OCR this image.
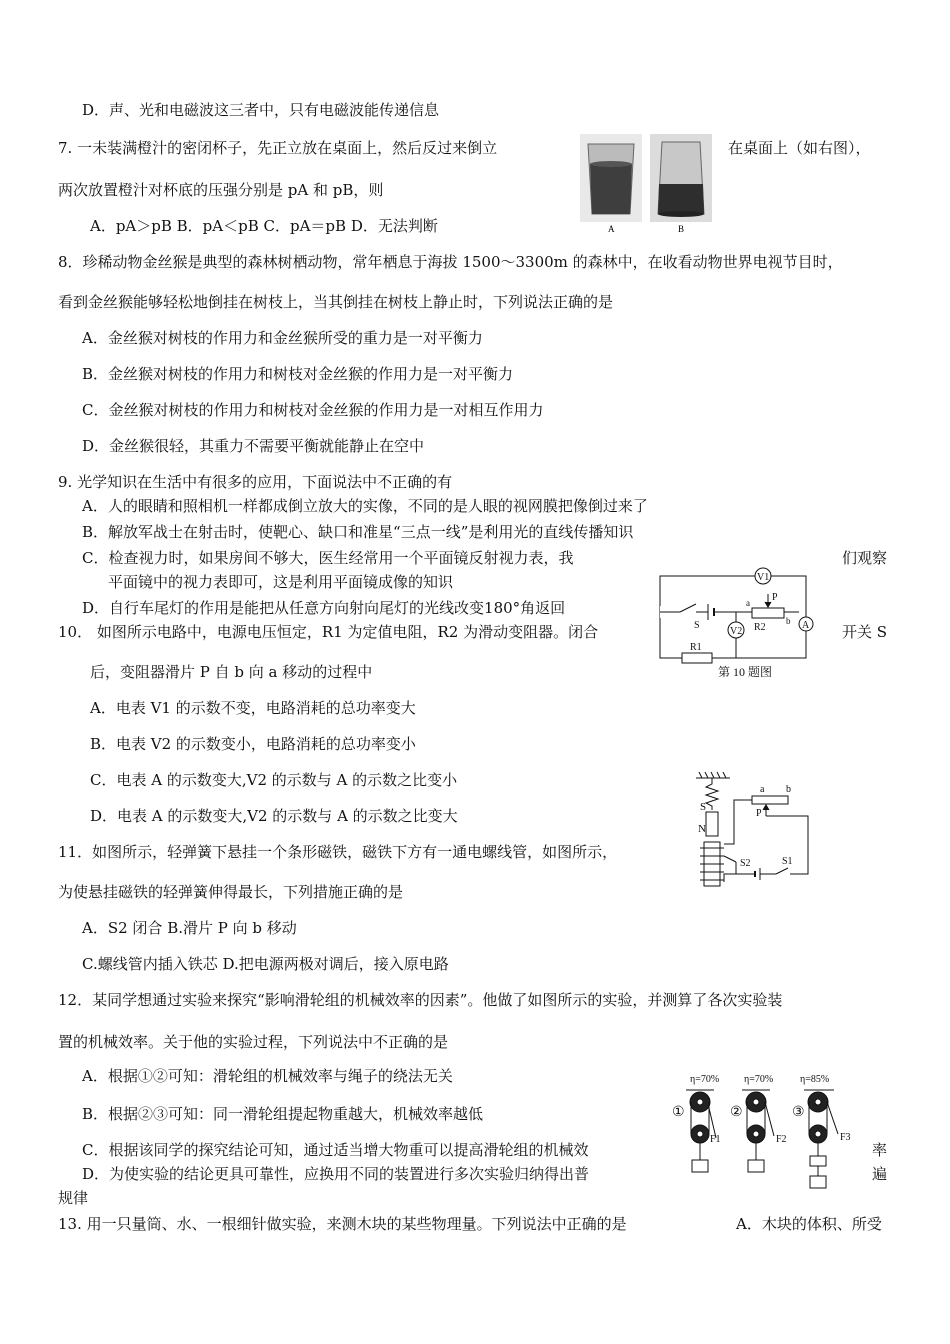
D．声、光和电磁波这三者中，只有电磁波能传递信息
7. 一未装满橙汁的密闭杯子，先正立放在桌面上，然后反过来倒立	在桌面上（如右图），
两次放置橙汁对杯底的压强分别是 pA 和 pB，则
A．pA＞pB B．pA＜pB C．pA＝pB D．无法判断
8．珍稀动物金丝猴是典型的森林树栖动物，常年栖息于海拔 1500～3300m 的森林中，在收看动物世界电视节目时，
看到金丝猴能够轻松地倒挂在树枝上，当其倒挂在树枝上静止时，下列说法正确的是
A．金丝猴对树枝的作用力和金丝猴所受的重力是一对平衡力
B．金丝猴对树枝的作用力和树枝对金丝猴的作用力是一对平衡力
C．金丝猴对树枝的作用力和树枝对金丝猴的作用力是一对相互作用力
D．金丝猴很轻，其重力不需要平衡就能静止在空中
9. 光学知识在生活中有很多的应用，下面说法中不正确的有
A．人的眼睛和照相机一样都成倒立放大的实像，不同的是人眼的视网膜把像倒过来了
B．解放军战士在射击时，使靶心、缺口和准星“三点一线”是利用光的直线传播知识
C．检查视力时，如果房间不够大，医生经常用一个平面镜反射视力表，我	们观察
平面镜中的视力表即可，这是利用平面镜成像的知识
D．自行车尾灯的作用是能把从任意方向射向尾灯的光线改变180°角返回
10． 如图所示电路中，电源电压恒定，R1 为定值电阻，R2 为滑动变阻器。闭合	开关 S
后，变阻器滑片 P 自 b 向 a 移动的过程中
A．电表 V1 的示数不变，电路消耗的总功率变大
B．电表 V2 的示数变小，电路消耗的总功率变小
C．电表 A 的示数变大,V2 的示数与 A 的示数之比变小
D．电表 A 的示数变大,V2 的示数与 A 的示数之比变大
11．如图所示，轻弹簧下悬挂一个条形磁铁，磁铁下方有一通电螺线管，如图所示，
为使悬挂磁铁的轻弹簧伸得最长，下列措施正确的是
A．S2 闭合 B.滑片 P 向 b 移动
C.螺线管内插入铁芯 D.把电源两极对调后，接入原电路
12．某同学想通过实验来探究“影响滑轮组的机械效率的因素”。他做了如图所示的实验，并测算了各次实验装
置的机械效率。关于他的实验过程，下列说法中不正确的是
A．根据①②可知：滑轮组的机械效率与绳子的绕法无关
B．根据②③可知：同一滑轮组提起物重越大，机械效率越低
C．根据该同学的探究结论可知，通过适当增大物重可以提高滑轮组的机械效	率
D．为使实验的结论更具可靠性，应换用不同的装置进行多次实验归纳得出普	遍
规律
13. 用一只量筒、水、一根细针做实验，来测木块的某些物理量。下列说法中正确的是	A．木块的体积、所受
A	B
V1
A
S
P
R2
a
b
V2
R1
第 10 题图
S
N
a b
P
S1
S2
η=70% η=70%	η=85%
①
F1
②
F2
③
F3
